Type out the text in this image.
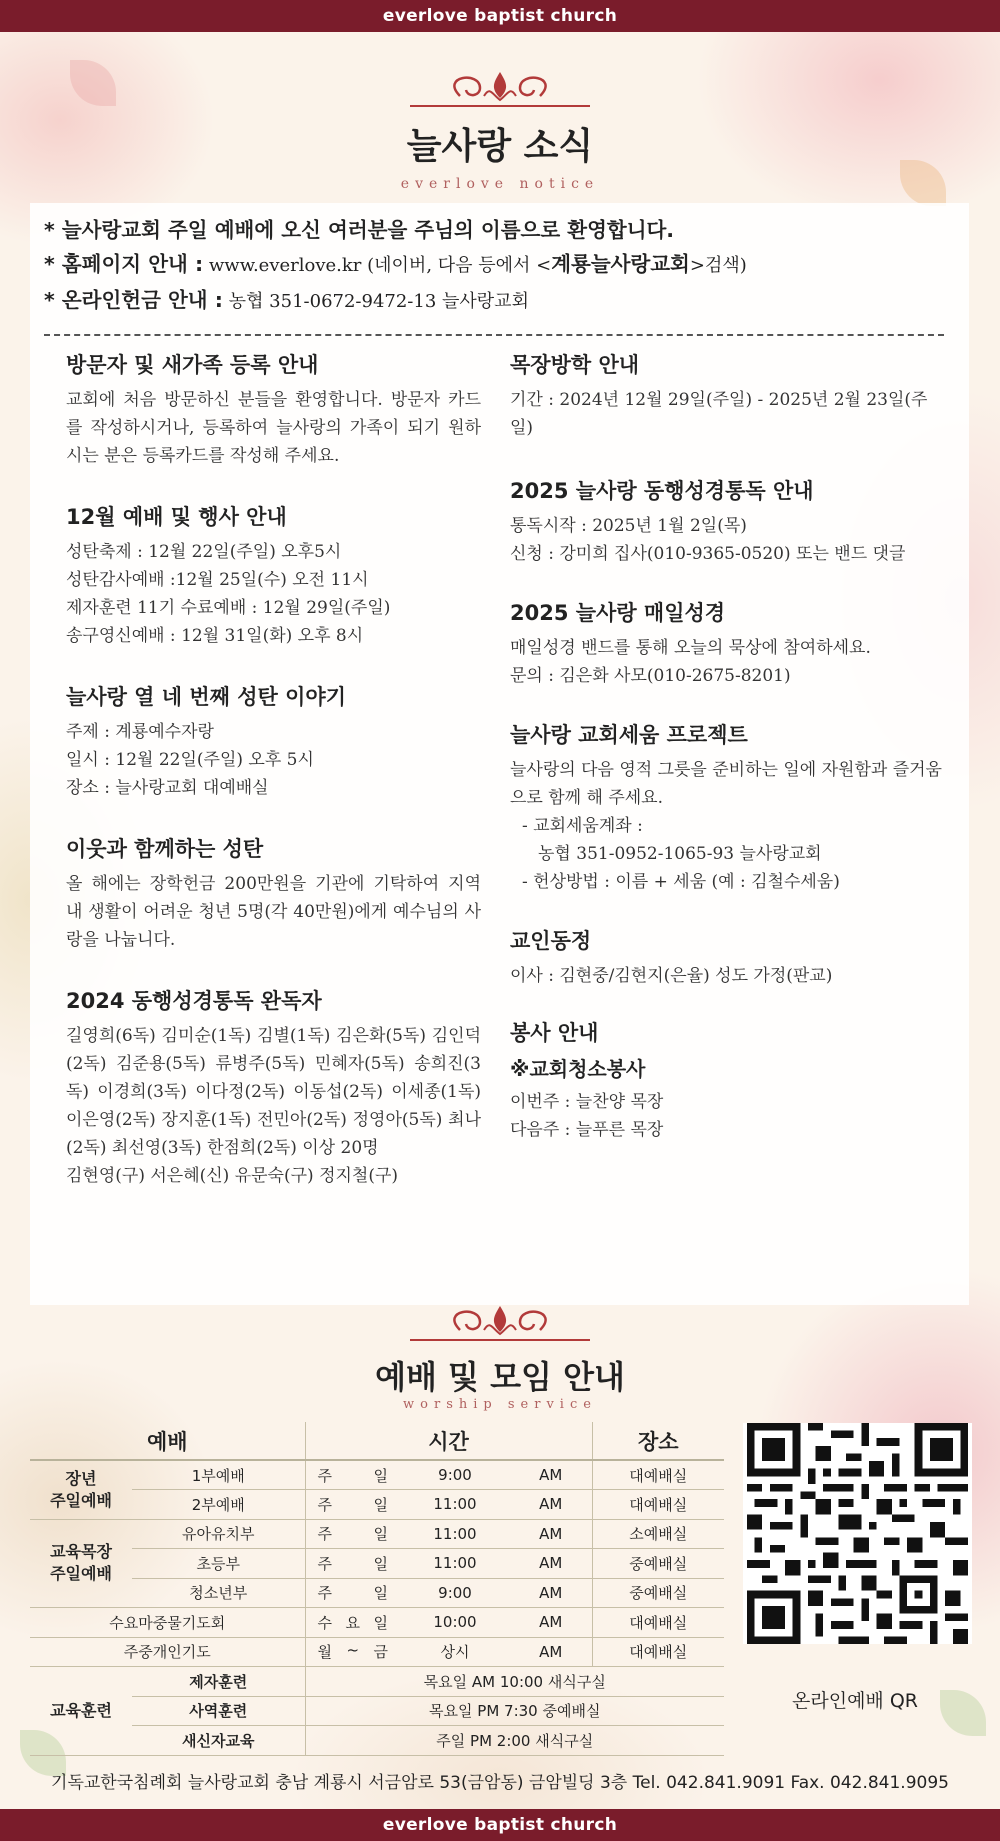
everlove baptist church
늘사랑 소식
everlove notice
* 늘사랑교회 주일 예배에 오신 여러분을 주님의 이름으로 환영합니다.
* 홈페이지 안내 : www.everlove.kr (네이버, 다음 등에서 <계룡늘사랑교회>검색)
* 온라인헌금 안내 : 농협 351-0672-9472-13 늘사랑교회
방문자 및 새가족 등록 안내

교회에 처음 방문하신 분들을 환영합니다. 방문자 카드를 작성하시거나, 등록하여 늘사랑의 가족이 되기 원하시는 분은 등록카드를 작성해 주세요.

12월 예배 및 행사 안내

성탄축제 : 12월 22일(주일) 오후5시

성탄감사예배 :12월 25일(수) 오전 11시

제자훈련 11기 수료예배 : 12월 29일(주일)

송구영신예배 : 12월 31일(화) 오후 8시

늘사랑 열 네 번째 성탄 이야기

주제 : 계룡예수자랑

일시 : 12월 22일(주일) 오후 5시

장소 : 늘사랑교회 대예배실

이웃과 함께하는 성탄

올 해에는 장학헌금 200만원을 기관에 기탁하여 지역 내 생활이 어려운 청년 5명(각 40만원)에게 예수님의 사랑을 나눕니다.

2024 동행성경통독 완독자

길영희(6독) 김미순(1독) 김별(1독) 김은화(5독) 김인덕(2독) 김준용(5독) 류병주(5독) 민혜자(5독) 송희진(3독) 이경희(3독) 이다정(2독) 이동섭(2독) 이세종(1독) 이은영(2독) 장지훈(1독) 전민아(2독) 정영아(5독) 최나(2독) 최선영(3독) 한점희(2독) 이상 20명

김현영(구) 서은혜(신) 유문숙(구) 정지철(구)

목장방학 안내

기간 : 2024년 12월 29일(주일) - 2025년 2월 23일(주일)

2025 늘사랑 동행성경통독 안내

통독시작 : 2025년 1월 2일(목)

신청 : 강미희 집사(010-9365-0520) 또는 밴드 댓글

2025 늘사랑 매일성경

매일성경 밴드를 통해 오늘의 묵상에 참여하세요.

문의 : 김은화 사모(010-2675-8201)

늘사랑 교회세움 프로젝트

늘사랑의 다음 영적 그릇을 준비하는 일에 자원함과 즐거움으로 함께 해 주세요.

- 교회세움계좌 :

농협 351-0952-1065-93 늘사랑교회

- 헌상방법 : 이름 + 세움 (예 : 김철수세움)

교인동정

이사 : 김현중/김현지(은율) 성도 가정(판교)

봉사 안내
※교회청소봉사

이번주 : 늘찬양 목장

다음주 : 늘푸른 목장

예배 및 모임 안내
worship service
예배		시간			장소
장년
주일예배	1부예배	주 일	9:00	AM	대예배실
	2부예배	주 일	11:00	AM	대예배실
교육목장
주일예배	유아유치부	주 일	11:00	AM	소예배실
	초등부	주 일	11:00	AM	중예배실
	청소년부	주 일	9:00	AM	중예배실
수요마중물기도회		수 요 일	10:00	AM	대예배실
주중개인기도		월 ~ 금	상시	AM	대예배실
교육훈련	제자훈련	목요일 AM 10:00 새식구실			
	사역훈련	목요일 PM 7:30 중예배실			
	새신자교육	주일 PM 2:00 새식구실			
온라인예배 QR
기독교한국침례회 늘사랑교회 충남 계룡시 서금암로 53(금암동) 금암빌딩 3층 Tel. 042.841.9091 Fax. 042.841.9095
everlove baptist church
